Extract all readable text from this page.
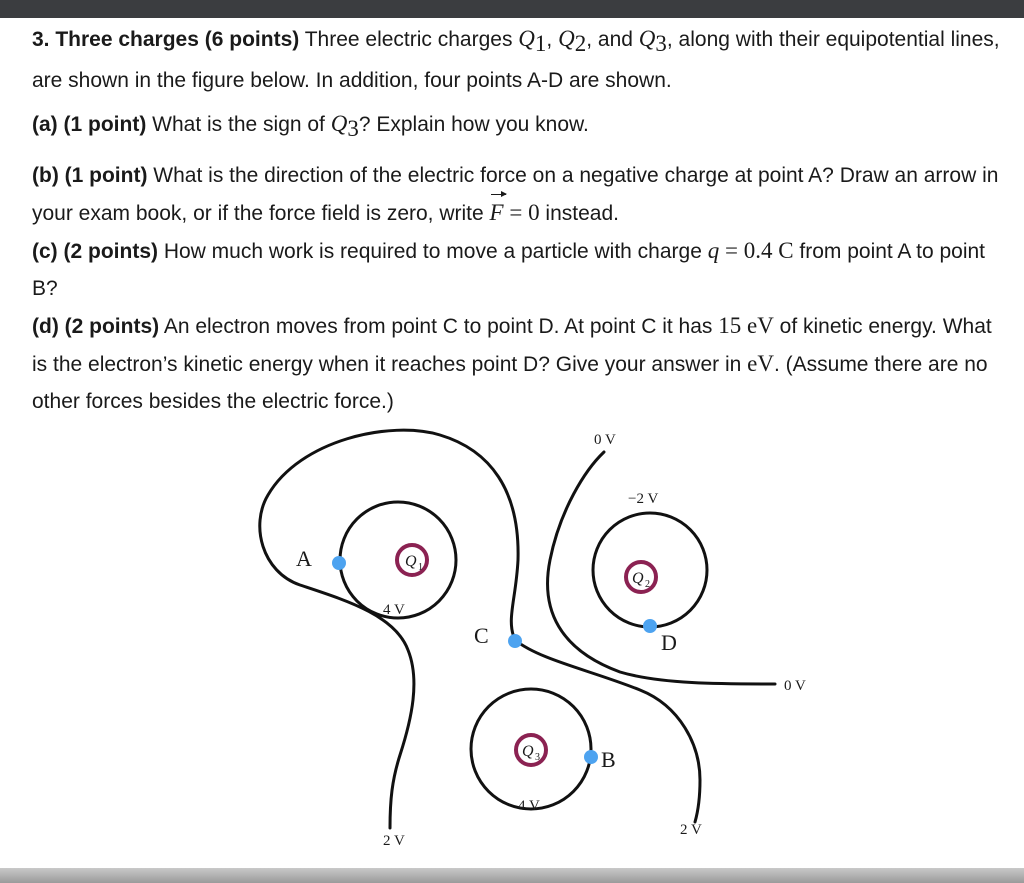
3. Three charges (6 points) Three electric charges $Q_1$, $Q_2$, and $Q_3$, along with their equipotential lines, are shown in the figure below. In addition, four points A-D are shown.

(a) (1 point) What is the sign of $Q_3$? Explain how you know.

(b) (1 point) What is the direction of the electric force on a negative charge at point A? Draw an arrow in your exam book, or if the force field is zero, write F = 0 instead.

(c) (2 points) How much work is required to move a particle with charge q = 0.4 C from point A to point B?

(d) (2 points) An electron moves from point C to point D. At point C it has 15 eV of kinetic energy. What is the electron’s kinetic energy when it reaches point D? Give your answer in eV. (Assume there are no other forces besides the electric force.)

Q 1
Q 2
Q 3
A
C	D
B
4 V
4 V
−2 V
0 V
0 V
2 V
2 V
